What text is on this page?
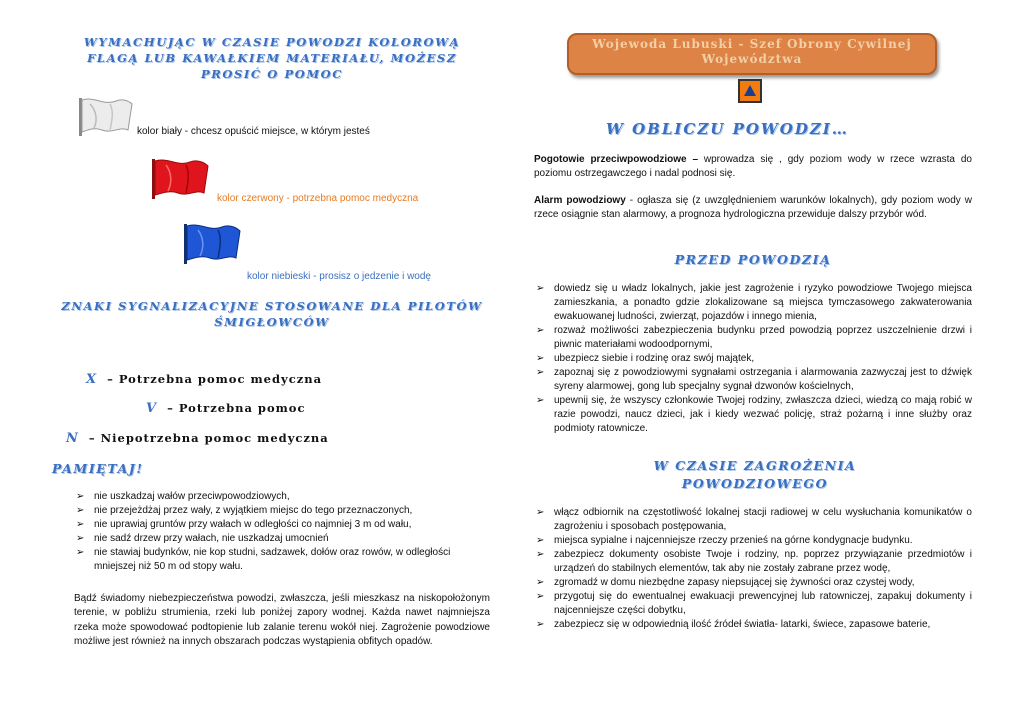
WYMACHUJĄC W CZASIE POWODZI KOLOROWĄ FLAGĄ LUB KAWAŁKIEM MATERIAŁU, MOŻESZ PROSIĆ O POMOC
kolor biały - chcesz opuścić miejsce, w którym jesteś
kolor czerwony - potrzebna pomoc medyczna
kolor niebieski - prosisz o jedzenie i wodę
ZNAKI SYGNALIZACYJNE STOSOWANE DLA PILOTÓW ŚMIGŁOWCÓW
X – Potrzebna pomoc medyczna
V – Potrzebna pomoc
N – Niepotrzebna pomoc medyczna
PAMIĘTAJ!
➢ nie uszkadzaj wałów przeciwpowodziowych,
➢ nie przejeżdżaj przez wały, z wyjątkiem miejsc do tego przeznaczonych,
➢ nie uprawiaj gruntów przy wałach w odległości co najmniej 3 m od wału,
➢ nie sadź drzew przy wałach, nie uszkadzaj umocnień
➢ nie stawiaj budynków, nie kop studni, sadzawek, dołów oraz rowów, w odległości mniejszej niż 50 m od stopy wału.
Bądź świadomy niebezpieczeństwa powodzi, zwłaszcza, jeśli mieszkasz na niskopołożonym terenie, w pobliżu strumienia, rzeki lub poniżej zapory wodnej. Każda nawet najmniejsza rzeka może spowodować podtopienie lub zalanie terenu wokół niej. Zagrożenie powodziowe możliwe jest również na innych obszarach podczas wystąpienia obfitych opadów.
Wojewoda Lubuski - Szef Obrony Cywilnej Województwa
W OBLICZU POWODZI…
Pogotowie przeciwpowodziowe – wprowadza się , gdy poziom wody w rzece wzrasta do poziomu ostrzegawczego i nadal podnosi się.
Alarm powodziowy - ogłasza się (z uwzględnieniem warunków lokalnych), gdy poziom wody w rzece osiągnie stan alarmowy, a prognoza hydrologiczna przewiduje dalszy przybór wód.
PRZED POWODZIĄ
➢ dowiedz się u władz lokalnych, jakie jest zagrożenie i ryzyko powodziowe Twojego miejsca zamieszkania, a ponadto gdzie zlokalizowane są miejsca tymczasowego zakwaterowania ewakuowanej ludności, zwierząt, pojazdów i innego mienia,
➢ rozważ możliwości zabezpieczenia budynku przed powodzią poprzez uszczelnienie drzwi i piwnic materiałami wodoodpornymi,
➢ ubezpiecz siebie i rodzinę oraz swój majątek,
➢ zapoznaj się z powodziowymi sygnałami ostrzegania i alarmowania zazwyczaj jest to dźwięk syreny alarmowej, gong lub specjalny sygnał dzwonów kościelnych,
➢ upewnij się, że wszyscy członkowie Twojej rodziny, zwłaszcza dzieci, wiedzą co mają robić w razie powodzi, naucz dzieci, jak i kiedy wezwać policję, straż pożarną i inne służby oraz podmioty ratownicze.
W CZASIE ZAGROŻENIA POWODZIOWEGO
➢ włącz odbiornik na częstotliwość lokalnej stacji radiowej w celu wysłuchania komunikatów o zagrożeniu i sposobach postępowania,
➢ miejsca sypialne i najcenniejsze rzeczy przenieś na górne kondygnacje budynku.
➢ zabezpiecz dokumenty osobiste Twoje i rodziny, np. poprzez przywiązanie przedmiotów i urządzeń do stabilnych elementów, tak aby nie zostały zabrane przez wodę,
➢ zgromadź w domu niezbędne zapasy niepsującej się żywności oraz czystej wody,
➢ przygotuj się do ewentualnej ewakuacji prewencyjnej lub ratowniczej, zapakuj dokumenty i najcenniejsze części dobytku,
➢ zabezpiecz się w odpowiednią ilość źródeł światła- latarki, świece, zapasowe baterie,
